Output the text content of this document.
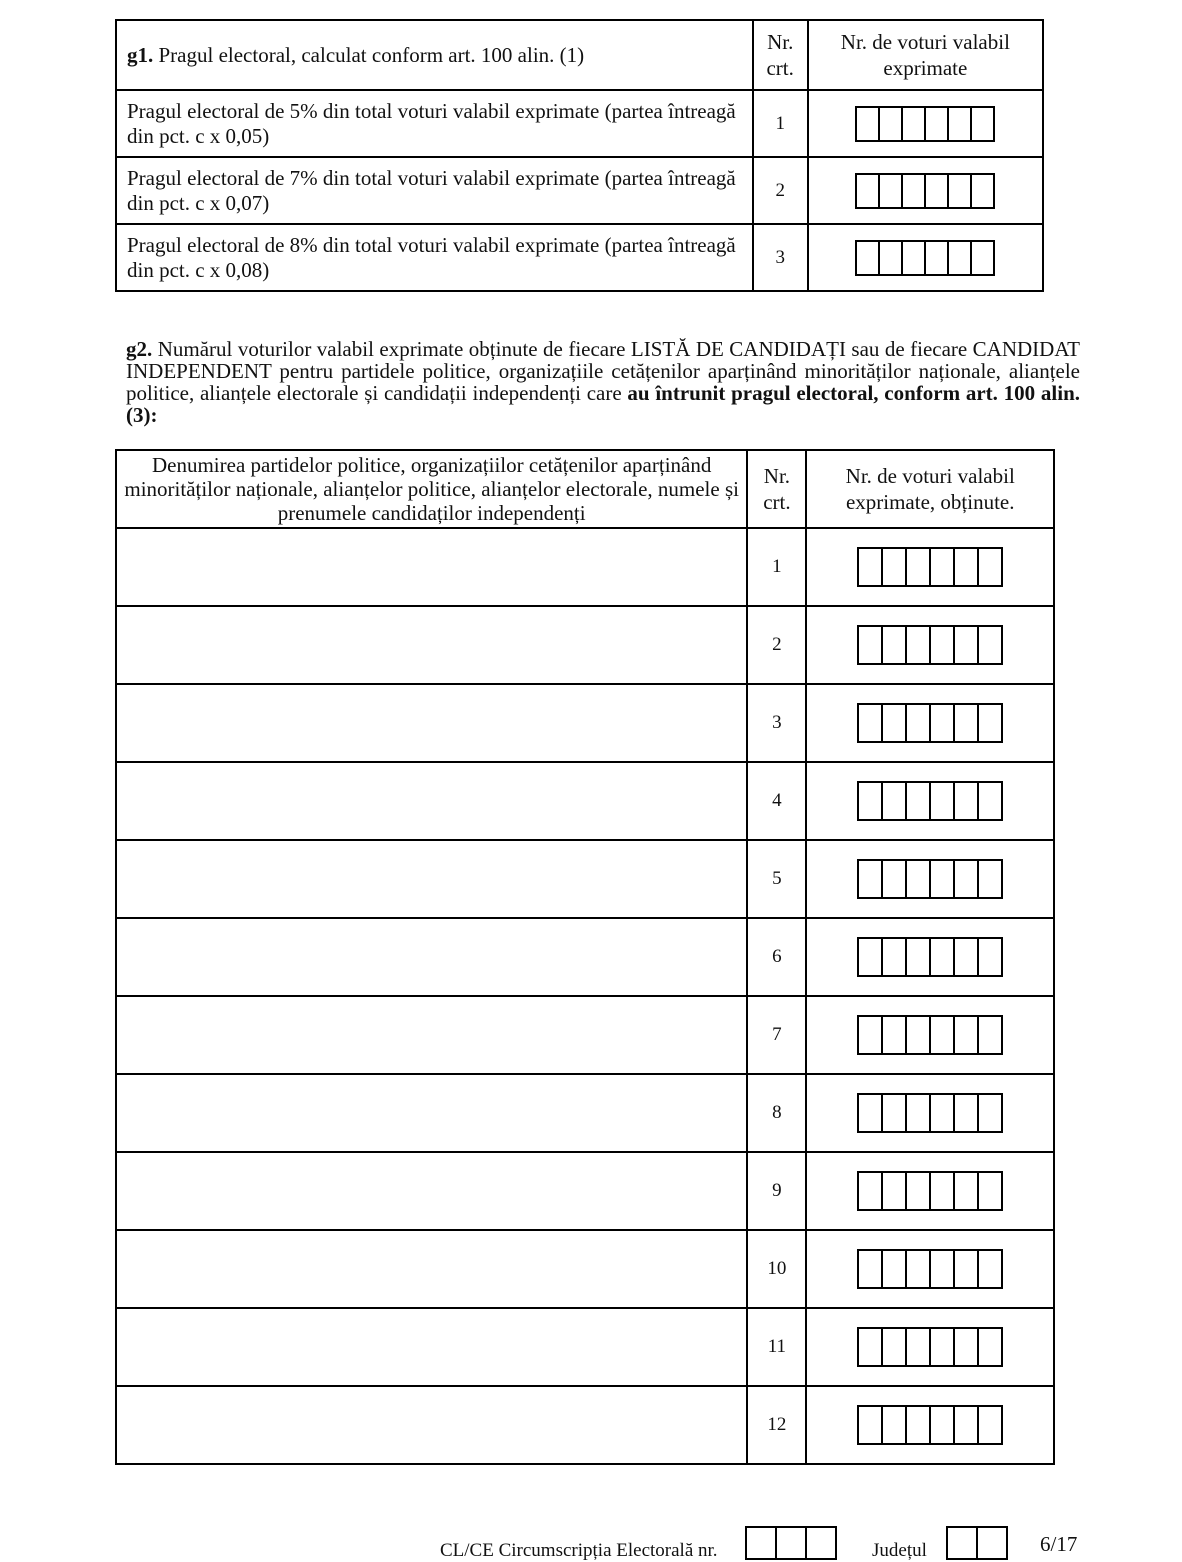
g1. Pragul electoral, calculat conform art. 100 alin. (1)	Nr. crt.	Nr. de voturi valabil exprimate
Pragul electoral de 5% din total voturi valabil exprimate (partea întreagă din pct. c x 0,05)	1	

Pragul electoral de 7% din total voturi valabil exprimate (partea întreagă din pct. c x 0,07)	2	

Pragul electoral de 8% din total voturi valabil exprimate (partea întreagă din pct. c x 0,08)	3	
g2. Numărul voturilor valabil exprimate obținute de fiecare LISTĂ DE CANDIDAȚI sau de fiecare CANDIDAT INDEPENDENT pentru partidele politice, organizațiile cetățenilor aparținând minorităților naționale, alianțele politice, alianțele electorale și candidații independenți care au întrunit pragul electoral, conform art. 100 alin. (3):
Denumirea partidelor politice, organizațiilor cetățenilor aparținând minorităților naționale, alianțelor politice, alianțelor electorale, numele și prenumele candidaților independenți	Nr. crt.	Nr. de voturi valabil exprimate, obținute.
	1	

	2	

	3	

	4	

	5	

	6	

	7	

	8	

	9	

	10	

	11	

	12	
CL/CE Circumscripția Electorală nr.	Județul	6/17
